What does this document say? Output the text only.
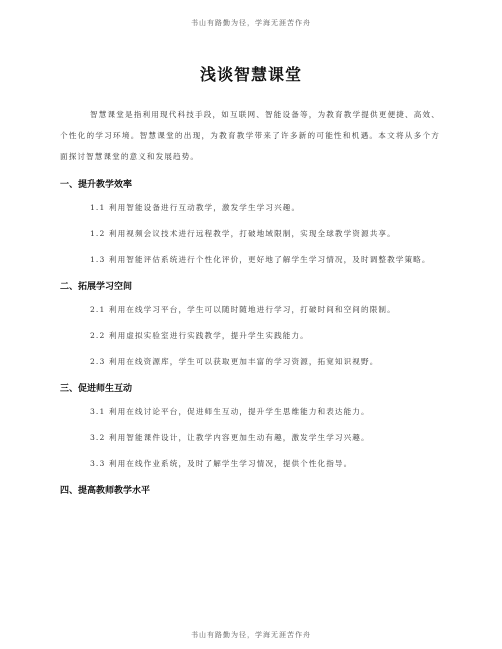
书山有路勤为径，学海无涯苦作舟
浅谈智慧课堂

智慧课堂是指利用现代科技手段，如互联网、智能设备等，为教育教学提供更便捷、高效、个性化的学习环境。智慧课堂的出现，为教育教学带来了许多新的可能性和机遇。本文将从多个方面探讨智慧课堂的意义和发展趋势。

一、提升教学效率

1.1 利用智能设备进行互动教学，激发学生学习兴趣。

1.2 利用视频会议技术进行远程教学，打破地域限制，实现全球教学资源共享。

1.3 利用智能评估系统进行个性化评价，更好地了解学生学习情况，及时调整教学策略。

二、拓展学习空间

2.1 利用在线学习平台，学生可以随时随地进行学习，打破时间和空间的限制。

2.2 利用虚拟实验室进行实践教学，提升学生实践能力。

2.3 利用在线资源库，学生可以获取更加丰富的学习资源，拓宽知识视野。

三、促进师生互动

3.1 利用在线讨论平台，促进师生互动，提升学生思维能力和表达能力。

3.2 利用智能课件设计，让教学内容更加生动有趣，激发学生学习兴趣。

3.3 利用在线作业系统，及时了解学生学习情况，提供个性化指导。

四、提高教师教学水平

书山有路勤为径，学海无涯苦作舟
